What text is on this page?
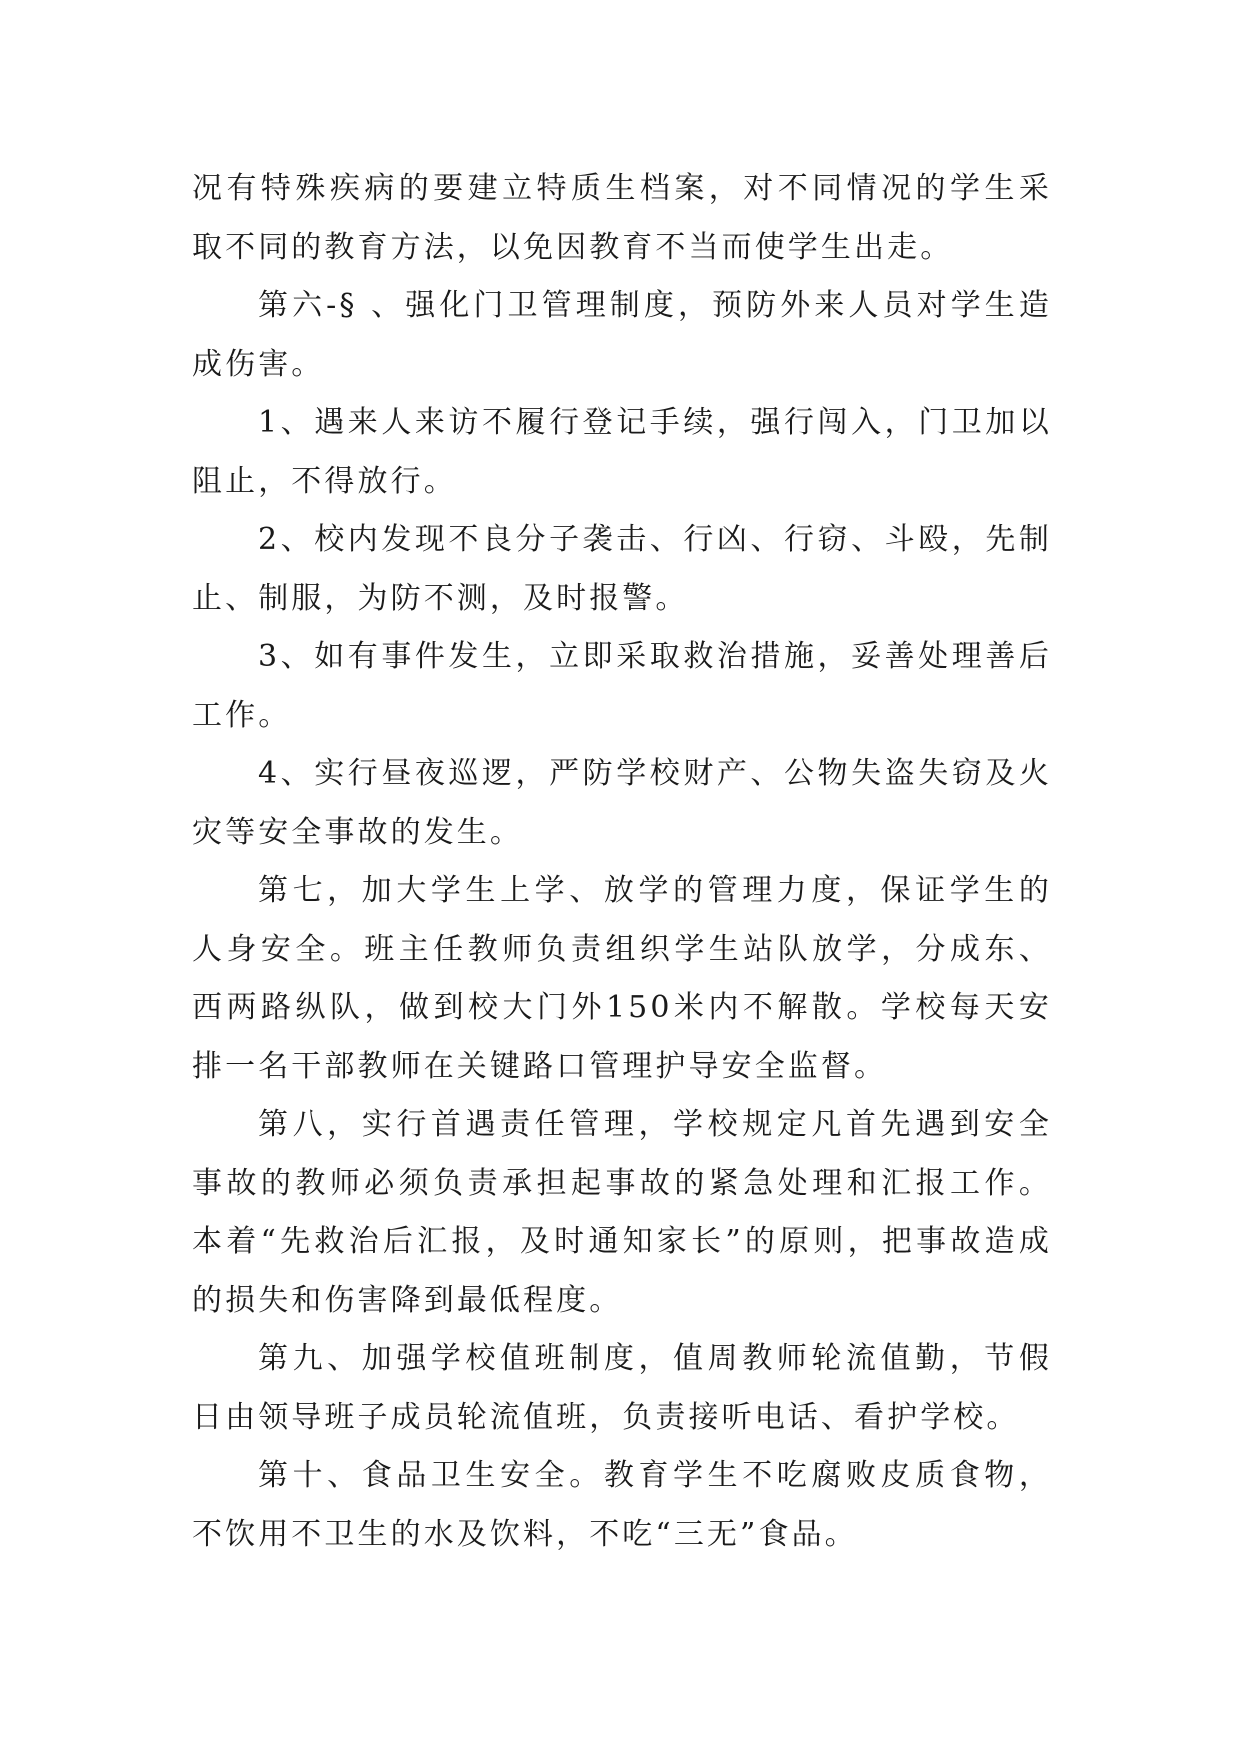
况有特殊疾病的要建立特质生档案，对不同情况的学生采取不同的教育方法，以免因教育不当而使学生出走。

第六-§ 、强化门卫管理制度，预防外来人员对学生造成伤害。

1、遇来人来访不履行登记手续，强行闯入，门卫加以阻止，不得放行。

2、校内发现不良分子袭击、行凶、行窃、斗殴，先制止、制服，为防不测，及时报警。

3、如有事件发生，立即采取救治措施，妥善处理善后工作。

4、实行昼夜巡逻，严防学校财产、公物失盗失窃及火灾等安全事故的发生。

第七，加大学生上学、放学的管理力度，保证学生的人身安全。班主任教师负责组织学生站队放学，分成东、西两路纵队，做到校大门外150米内不解散。学校每天安排一名干部教师在关键路口管理护导安全监督。

第八，实行首遇责任管理，学校规定凡首先遇到安全事故的教师必须负责承担起事故的紧急处理和汇报工作。本着“先救治后汇报，及时通知家长”的原则，把事故造成的损失和伤害降到最低程度。

第九、加强学校值班制度，值周教师轮流值勤，节假日由领导班子成员轮流值班，负责接听电话、看护学校。

第十、食品卫生安全。教育学生不吃腐败皮质食物，不饮用不卫生的水及饮料，不吃“三无”食品。
